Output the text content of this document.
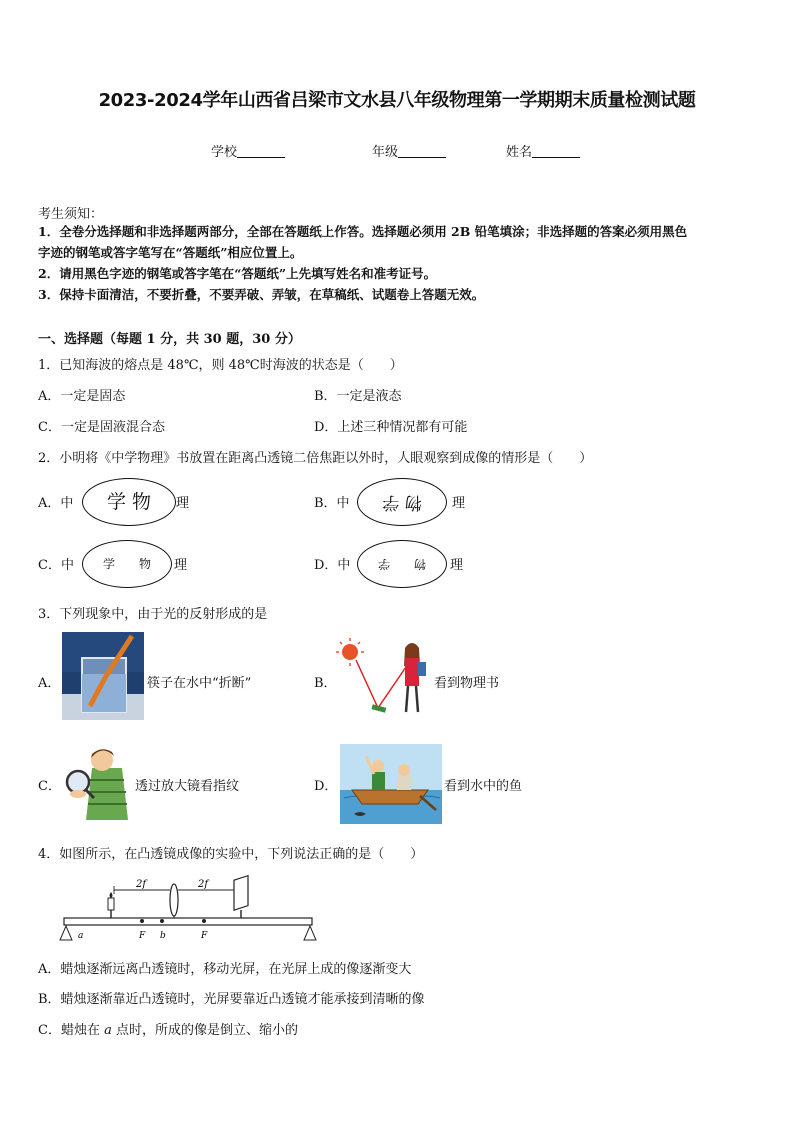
2023-2024学年山西省吕梁市文水县八年级物理第一学期期末质量检测试题
学校	年级	姓名
考生须知：
1．全卷分选择题和非选择题两部分，全部在答题纸上作答。选择题必须用 2B 铅笔填涂；非选择题的答案必须用黑色
字迹的钢笔或答字笔写在“答题纸”相应位置上。
2．请用黑色字迹的钢笔或答字笔在“答题纸”上先填写姓名和准考证号。
3．保持卡面清洁，不要折叠，不要弄破、弄皱，在草稿纸、试题卷上答题无效。
一、选择题（每题 1 分，共 30 题，30 分）
1．已知海波的熔点是 48℃，则 48℃时海波的状态是（　　）
A．一定是固态	B．一定是液态
C．一定是固液混合态	D．上述三种情况都有可能
2．小明将《中学物理》书放置在距离凸透镜二倍焦距以外时，人眼观察到成像的情形是（　　）
A．中	学 物	理	B．中	物 学	理
C．中	学　　物	理	D．中	物　　学	理
3．下列现象中，由于光的反射形成的是
A．	筷子在水中“折断”	B．	看到物理书
C．	透过放大镜看指纹	D．	看到水中的鱼
4．如图所示，在凸透镜成像的实验中，下列说法正确的是（　　）
2f	2f
a	F b	F
A．蜡烛逐渐远离凸透镜时，移动光屏，在光屏上成的像逐渐变大
B．蜡烛逐渐靠近凸透镜时，光屏要靠近凸透镜才能承接到清晰的像
C．蜡烛在 a 点时，所成的像是倒立、缩小的
